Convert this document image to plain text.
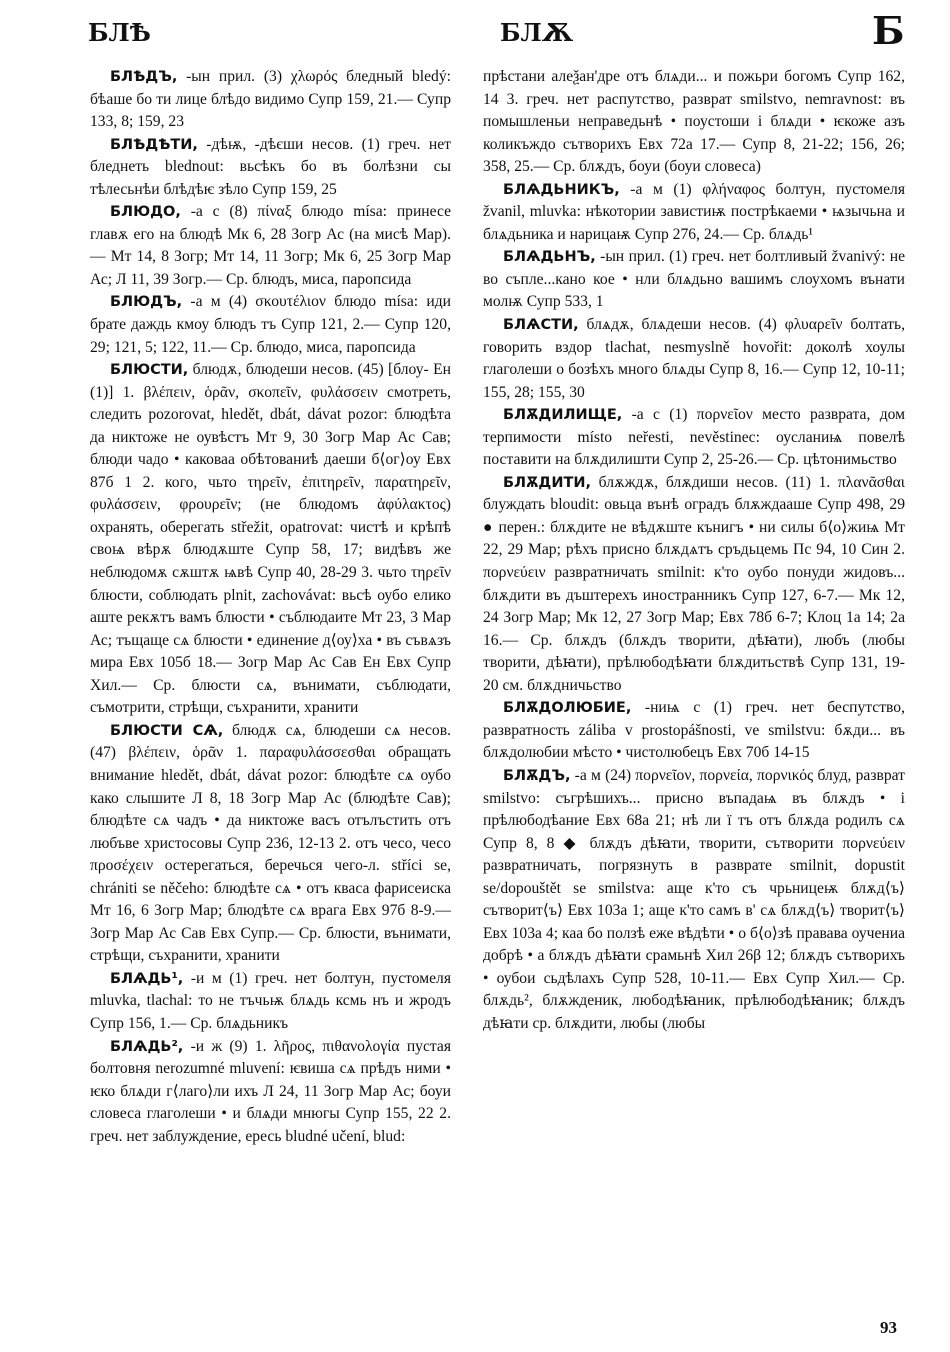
БЛѢ	БЛѪ	Б

БЛѢДЪ, -ын прил. (3) χλωρός бледный bledý: бѣаше бо ти лице блѣдо видимо Супр 159, 21.— Супр 133, 8; 159, 23

БЛѢДѢТИ, -дѣѭ, -дѣєши несов. (1) греч. нет бледнеть blednout: вьсѣкъ бо въ болѣзни сы тѣлесьнѣи блѣдѣѥ зѣло Супр 159, 25

БЛЮДО, -а с (8) πίναξ блюдо mísa: принесе главѫ его на блюдѣ Мк 6, 28 Зогр Ас (на мисѣ Мар).— Мт 14, 8 Зогр; Мт 14, 11 Зогр; Мк 6, 25 Зогр Мар Ас; Л 11, 39 Зогр.— Ср. блюдъ, миса, паропсида

БЛЮДЪ, -а м (4) σκουτέλιον блюдо mísa: иди брате даждь кмоу блюдъ тъ Супр 121, 2.— Супр 120, 29; 121, 5; 122, 11.— Ср. блюдо, миса, паропсида

БЛЮСТИ, блюдѫ, блюдеши несов. (45) [блоу- Ен (1)] 1. βλέπειν, ὁρᾶν, σκοπεῖν, φυλάσσειν смотреть, следить pozorovat, hledět, dbát, dávat pozor: блюдѣта да никтоже не оувѣстъ Мт 9, 30 Зогр Мар Ас Сав; блюди чадо • каковаа обѣтованиѣ даеши б⟨ог⟩оу Евх 87б 1 2. кого, чьто τηρεῖν, ἐπιτηρεῖν, παρατηρεῖν, φυλάσσειν, φρουρεῖν; (не блюдомъ ἀφύλακτος) охранять, оберегать střežit, opatrovat: чистѣ и крѣпѣ своѩ вѣрѫ блюдѫште Супр 58, 17; видѣвъ же неблюдомѫ сѫштѫ ѩвѣ Супр 40, 28-29 3. чьто τηρεῖν блюсти, соблюдать plnit, zachovávat: вьсѣ оубо елико аште рекѫтъ вамъ блюсти • съблюдаите Мт 23, 3 Мар Ас; тъщаще сѧ блюсти • единение д⟨оу⟩ха • въ съвѧзъ мира Евх 105б 18.— Зогр Мар Ас Сав Ен Евх Супр Хил.— Ср. блюсти сѧ, вънимати, съблюдати, съмотрити, стрѣщи, съхранити, хранити

БЛЮСТИ СѦ, блюдѫ сѧ, блюдеши сѧ несов. (47) βλέπειν, ὁρᾶν 1. παραφυλάσσεσθαι обращать внимание hledět, dbát, dávat pozor: блюдѣте сѧ оубо како слышите Л 8, 18 Зогр Мар Ас (блюдѣте Сав); блюдѣте сѧ чадъ • да никтоже васъ отълъстить отъ любъве христосовы Супр 236, 12-13 2. отъ чесо, чесо προσέχειν остерегаться, беречься чего-л. stříci se, chrániti se něčeho: блюдѣте сѧ • отъ кваса фарисеиска Мт 16, 6 Зогр Мар; блюдѣте сѧ врага Евх 97б 8-9.— Зогр Мар Ас Сав Евх Супр.— Ср. блюсти, вънимати, стрѣщи, съхранити, хранити

БЛѦДЬ¹, -и м (1) греч. нет болтун, пустомеля mluvka, tlachal: то не тъчьѭ блѧдь ксмь нъ и жродъ Супр 156, 1.— Ср. блѧдьникъ

БЛѦДЬ², -и ж (9) 1. λῆρος, πιθανολογία пустая болтовня nerozumné mluvení: ѥвиша сѧ прѣдъ ними • ѥко блѧди г⟨лаго⟩ли ихъ Л 24, 11 Зогр Мар Ас; боуи словеса глаголеши • и блѧди мнюгы Супр 155, 22 2. греч. нет заблуждение, ересь bludné učení, blud:

прѣстани алеѯан'дре отъ блѧди... и пожьри богомъ Супр 162, 14 3. греч. нет распутство, разврат smilstvo, nemravnost: въ помышленьи неправедьнѣ • поустоши і блѧди • ѥкоже азъ коликъждо сътворихъ Евх 72а 17.— Супр 8, 21-22; 156, 26; 358, 25.— Ср. блѫдъ, боуи (боуи словеса)

БЛѦДЬНИКЪ, -а м (1) φλήναφος болтун, пустомеля žvanil, mluvka: нѣкотории завистиѭ пострѣкаеми • ѩзычьна и блѧдьника и нарицаѭ Супр 276, 24.— Ср. блѧдь¹

БЛѦДЬНЪ, -ын прил. (1) греч. нет болтливый žvanivý: не во съпле...кано кое • нли блѧдьно вашимъ слоухомъ вънати молѭ Супр 533, 1

БЛѦСТИ, блѧдѫ, блѧдеши несов. (4) φλυαρεῖν болтать, говорить вздор tlachat, nesmyslně hovořit: доколѣ хоулы глаголеши о бозѣхъ много блѧды Супр 8, 16.— Супр 12, 10-11; 155, 28; 155, 30

БЛѪДИЛИЩЕ, -а с (1) πορνεῖον место разврата, дом терпимости místo neřesti, nevěstinec: оусланиѩ повелѣ поставити на блѫдилишти Супр 2, 25-26.— Ср. цѣтонимьство

БЛѪДИТИ, блѫждѫ, блѫдиши несов. (11) 1. πλανᾶσθαι блуждать bloudit: овьца вънѣ оградъ блѫждааше Супр 498, 29 ● перен.: блѫдите не вѣдѫште кънигъ • ни силы б⟨о⟩жиѩ Мт 22, 29 Мар; рѣхъ присно блѫдѧтъ сръдьцемь Пс 94, 10 Син 2. πορνεύειν развратничать smilnit: к'то оубо понуди жидовъ... блѫдити въ дъштерехъ иностранникъ Супр 127, 6-7.— Мк 12, 24 Зогр Мар; Мк 12, 27 Зогр Мар; Евх 78б 6-7; Клоц 1а 14; 2а 16.— Ср. блѫдъ (блѫдъ творити, дѣꙗти), любъ (любы творити, дѣꙗти), прѣлюбодѣꙗти блѫдитьствѣ Супр 131, 19-20 см. блѫдничьство

БЛѪДОЛЮБИЕ, -ниѩ с (1) греч. нет беспутство, развратность záliba v prostopášnosti, ve smilstvu: бѫди... въ блѫдолюбии мѣсто • чистолюбецъ Евх 70б 14-15

БЛѪДЪ, -а м (24) πορνεῖον, πορνεία, πορνικός блуд, разврат smilstvo: съгрѣшихъ... присно въпадаѩ въ блѫдъ • і прѣлюбодѣание Евх 68а 21; нѣ ли ї тъ отъ блѫда родилъ сѧ Супр 8, 8 ◆ блѫдъ дѣꙗти, творити, сътворити πορνεύειν развратничать, погрязнуть в разврате smilnit, dopustit se/dopouštět se smilstva: аще к'то съ чрьницеѭ блѫд⟨ъ⟩ сътворит⟨ъ⟩ Евх 103а 1; аще к'то самъ в' сѧ блѫд⟨ъ⟩ творит⟨ъ⟩ Евх 103а 4; каа бо ползѣ еже вѣдѣти • о б⟨о⟩зѣ правава оучениа добрѣ • а блѫдъ дѣꙗти срамьнѣ Хил 26β 12; блѫдъ сътворихъ • оубои сьдѣлахъ Супр 528, 10-11.— Евх Супр Хил.— Ср. блѫдь², блѫжденик, любодѣꙗник, прѣлюбодѣꙗник; блѫдъ дѣꙗти ср. блѫдити, любы (любы

93
